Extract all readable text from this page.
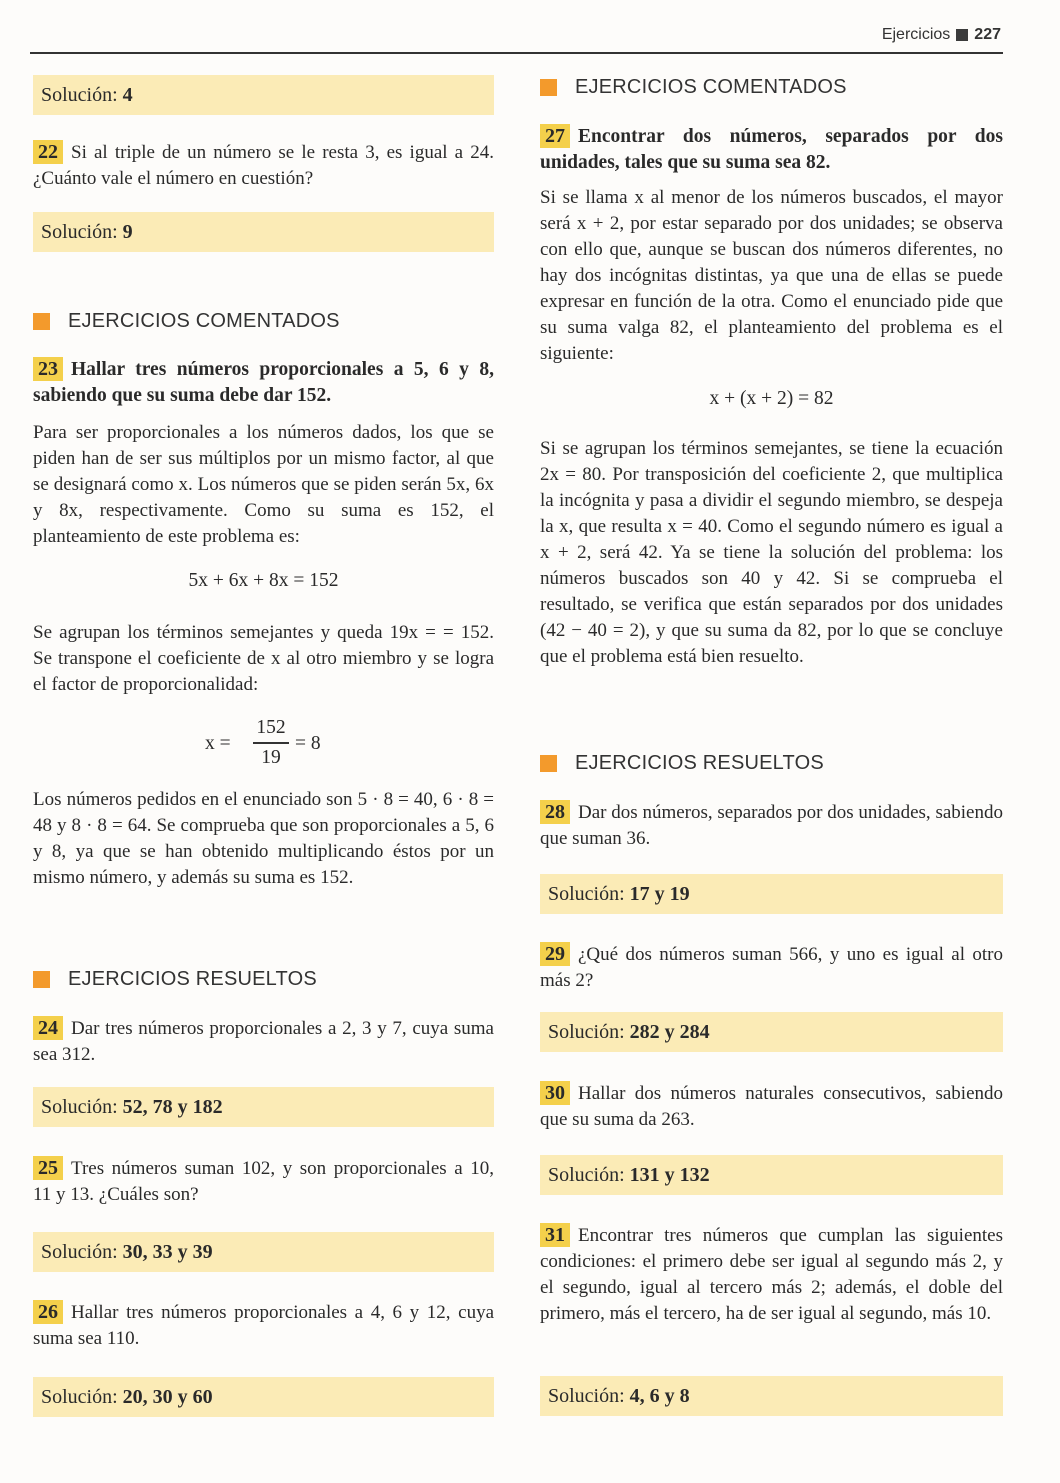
Ejercicios 227
Solución: 4
22 Si al triple de un número se le resta 3, es igual a 24. ¿Cuánto vale el número en cuestión?
Solución: 9
EJERCICIOS COMENTADOS
23 Hallar tres números proporcionales a 5, 6 y 8, sabiendo que su suma debe dar 152.
Para ser proporcionales a los números dados, los que se piden han de ser sus múltiplos por un mismo factor, al que se designará como x. Los números que se piden serán 5x, 6x y 8x, respectivamente. Como su suma es 152, el planteamiento de este problema es:
5x + 6x + 8x = 152
Se agrupan los términos semejantes y queda 19x = = 152. Se transpone el coeficiente de x al otro miembro y se logra el factor de proporcionalidad:
x =
152
19
= 8
Los números pedidos en el enunciado son 5 · 8 = 40, 6 · 8 = 48 y 8 · 8 = 64. Se comprueba que son proporcionales a 5, 6 y 8, ya que se han obtenido multiplicando éstos por un mismo número, y además su suma es 152.
EJERCICIOS RESUELTOS
24 Dar tres números proporcionales a 2, 3 y 7, cuya suma sea 312.
Solución: 52, 78 y 182
25 Tres números suman 102, y son proporcionales a 10, 11 y 13. ¿Cuáles son?
Solución: 30, 33 y 39
26 Hallar tres números proporcionales a 4, 6 y 12, cuya suma sea 110.
Solución: 20, 30 y 60
EJERCICIOS COMENTADOS
27 Encontrar dos números, separados por dos unidades, tales que su suma sea 82.
Si se llama x al menor de los números buscados, el mayor será x + 2, por estar separado por dos unidades; se observa con ello que, aunque se buscan dos números diferentes, no hay dos incógnitas distintas, ya que una de ellas se puede expresar en función de la otra. Como el enunciado pide que su suma valga 82, el planteamiento del problema es el siguiente:
x + (x + 2) = 82
Si se agrupan los términos semejantes, se tiene la ecuación 2x = 80. Por transposición del coeficiente 2, que multiplica la incógnita y pasa a dividir el segundo miembro, se despeja la x, que resulta x = 40. Como el segundo número es igual a x + 2, será 42. Ya se tiene la solución del problema: los números buscados son 40 y 42. Si se comprueba el resultado, se verifica que están separados por dos unidades (42 − 40 = 2), y que su suma da 82, por lo que se concluye que el problema está bien resuelto.
EJERCICIOS RESUELTOS
28 Dar dos números, separados por dos unidades, sabiendo que suman 36.
Solución: 17 y 19
29 ¿Qué dos números suman 566, y uno es igual al otro más 2?
Solución: 282 y 284
30 Hallar dos números naturales consecutivos, sabiendo que su suma da 263.
Solución: 131 y 132
31 Encontrar tres números que cumplan las siguientes condiciones: el primero debe ser igual al segundo más 2, y el segundo, igual al tercero más 2; además, el doble del primero, más el tercero, ha de ser igual al segundo, más 10.
Solución: 4, 6 y 8
